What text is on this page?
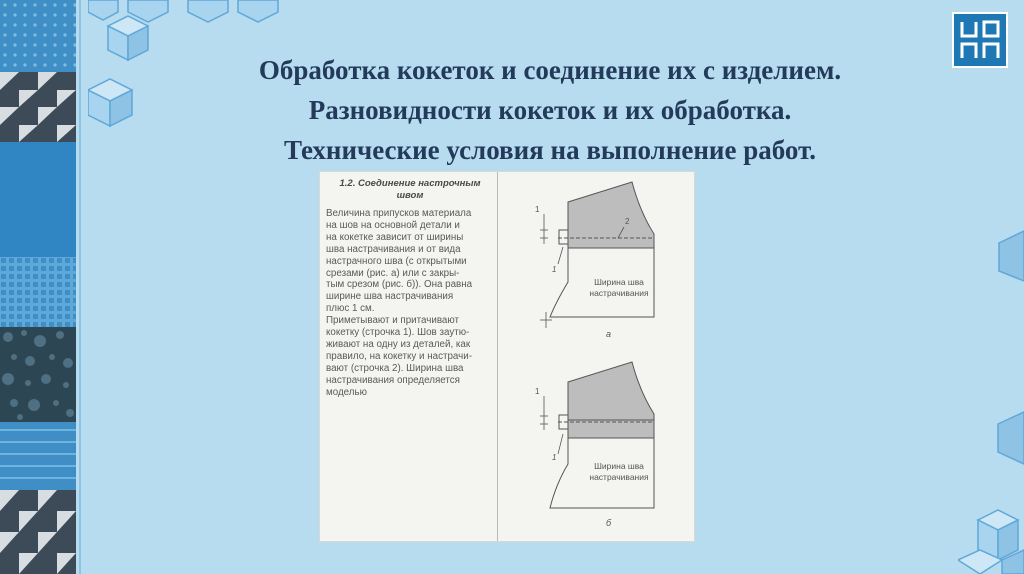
Обработка кокеток и соединение их с изделием.
Разновидности кокеток и их обработка.
Технические условия на выполнение работ.
1.2. Соединение настрочным
швом
Величина припусков материала
на шов на основной детали и
на кокетке зависит от ширины
шва настрачивания и от вида
настрачного шва (с открытыми
срезами (рис. а) или с закры-
тым срезом (рис. б)). Она равна
ширине шва настрачивания
плюс 1 см.
Приметывают и притачивают
кокетку (строчка 1). Шов заутю-
живают на одну из деталей, как
правило, на кокетку и настрачи-
вают (строчка 2). Ширина шва
настрачивания определяется
моделью
1
2
1
Ширина шва
настрачивания
а
1
1
Ширина шва
настрачивания
б
